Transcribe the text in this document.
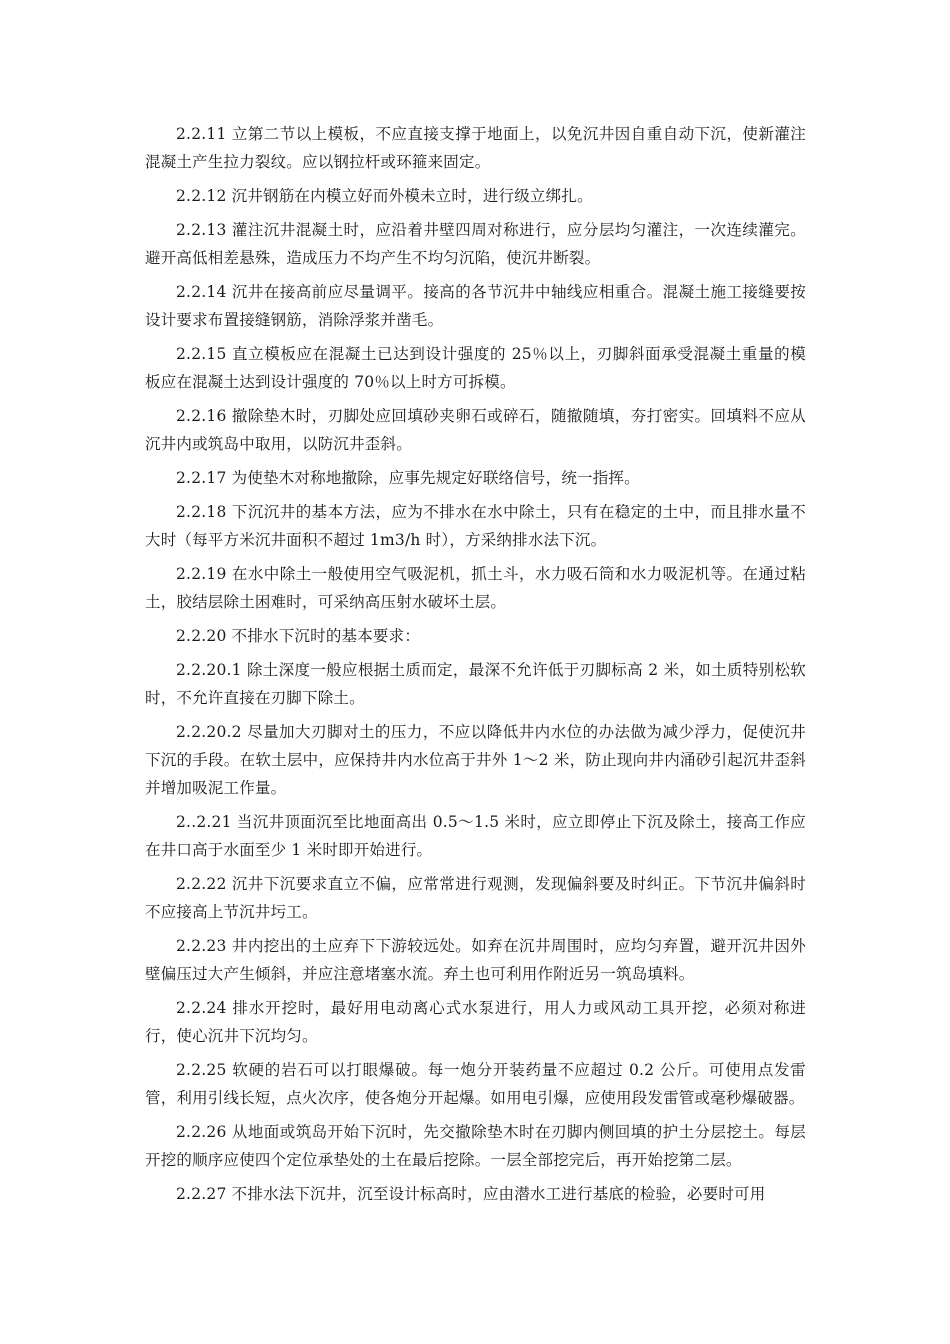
2.2.11 立第二节以上模板，不应直接支撑于地面上，以免沉井因自重自动下沉，使新灌注混凝土产生拉力裂纹。应以钢拉杆或环箍来固定。

2.2.12 沉井钢筋在内模立好而外模未立时，进行级立绑扎。

2.2.13 灌注沉井混凝土时，应沿着井壁四周对称进行，应分层均匀灌注，一次连续灌完。避开高低相差悬殊，造成压力不均产生不均匀沉陷，使沉井断裂。

2.2.14 沉井在接高前应尽量调平。接高的各节沉井中轴线应相重合。混凝土施工接缝要按设计要求布置接缝钢筋，消除浮浆并凿毛。

2.2.15 直立模板应在混凝土已达到设计强度的 25％以上，刃脚斜面承受混凝土重量的模板应在混凝土达到设计强度的 70％以上时方可拆模。

2.2.16 撤除垫木时，刃脚处应回填砂夹卵石或碎石，随撤随填，夯打密实。回填料不应从沉井内或筑岛中取用，以防沉井歪斜。

2.2.17 为使垫木对称地撤除，应事先规定好联络信号，统一指挥。

2.2.18 下沉沉井的基本方法，应为不排水在水中除土，只有在稳定的土中，而且排水量不大时（每平方米沉井面积不超过 1m3/h 时），方采纳排水法下沉。

2.2.19 在水中除土一般使用空气吸泥机，抓土斗，水力吸石筒和水力吸泥机等。在通过粘土，胶结层除土困难时，可采纳高压射水破坏土层。

2.2.20 不排水下沉时的基本要求：

2.2.20.1 除土深度一般应根据土质而定，最深不允许低于刃脚标高 2 米，如土质特别松软时，不允许直接在刃脚下除土。

2.2.20.2 尽量加大刃脚对土的压力，不应以降低井内水位的办法做为减少浮力，促使沉井下沉的手段。在软土层中，应保持井内水位高于井外 1～2 米，防止现向井内涌砂引起沉井歪斜并增加吸泥工作量。

2..2.21 当沉井顶面沉至比地面高出 0.5～1.5 米时，应立即停止下沉及除土，接高工作应在井口高于水面至少 1 米时即开始进行。

2.2.22 沉井下沉要求直立不偏，应常常进行观测，发现偏斜要及时纠正。下节沉井偏斜时不应接高上节沉井圬工。

2.2.23 井内挖出的土应弃下下游较远处。如弃在沉井周围时，应均匀弃置，避开沉井因外壁偏压过大产生倾斜，并应注意堵塞水流。弃土也可利用作附近另一筑岛填料。

2.2.24 排水开挖时，最好用电动离心式水泵进行，用人力或风动工具开挖，必须对称进行，使心沉井下沉均匀。

2.2.25 软硬的岩石可以打眼爆破。每一炮分开装药量不应超过 0.2 公斤。可使用点发雷管，利用引线长短，点火次序，使各炮分开起爆。如用电引爆，应使用段发雷管或毫秒爆破器。

2.2.26 从地面或筑岛开始下沉时，先交撤除垫木时在刃脚内侧回填的护土分层挖土。每层开挖的顺序应使四个定位承垫处的土在最后挖除。一层全部挖完后，再开始挖第二层。

2.2.27 不排水法下沉井，沉至设计标高时，应由潜水工进行基底的检验，必要时可用
